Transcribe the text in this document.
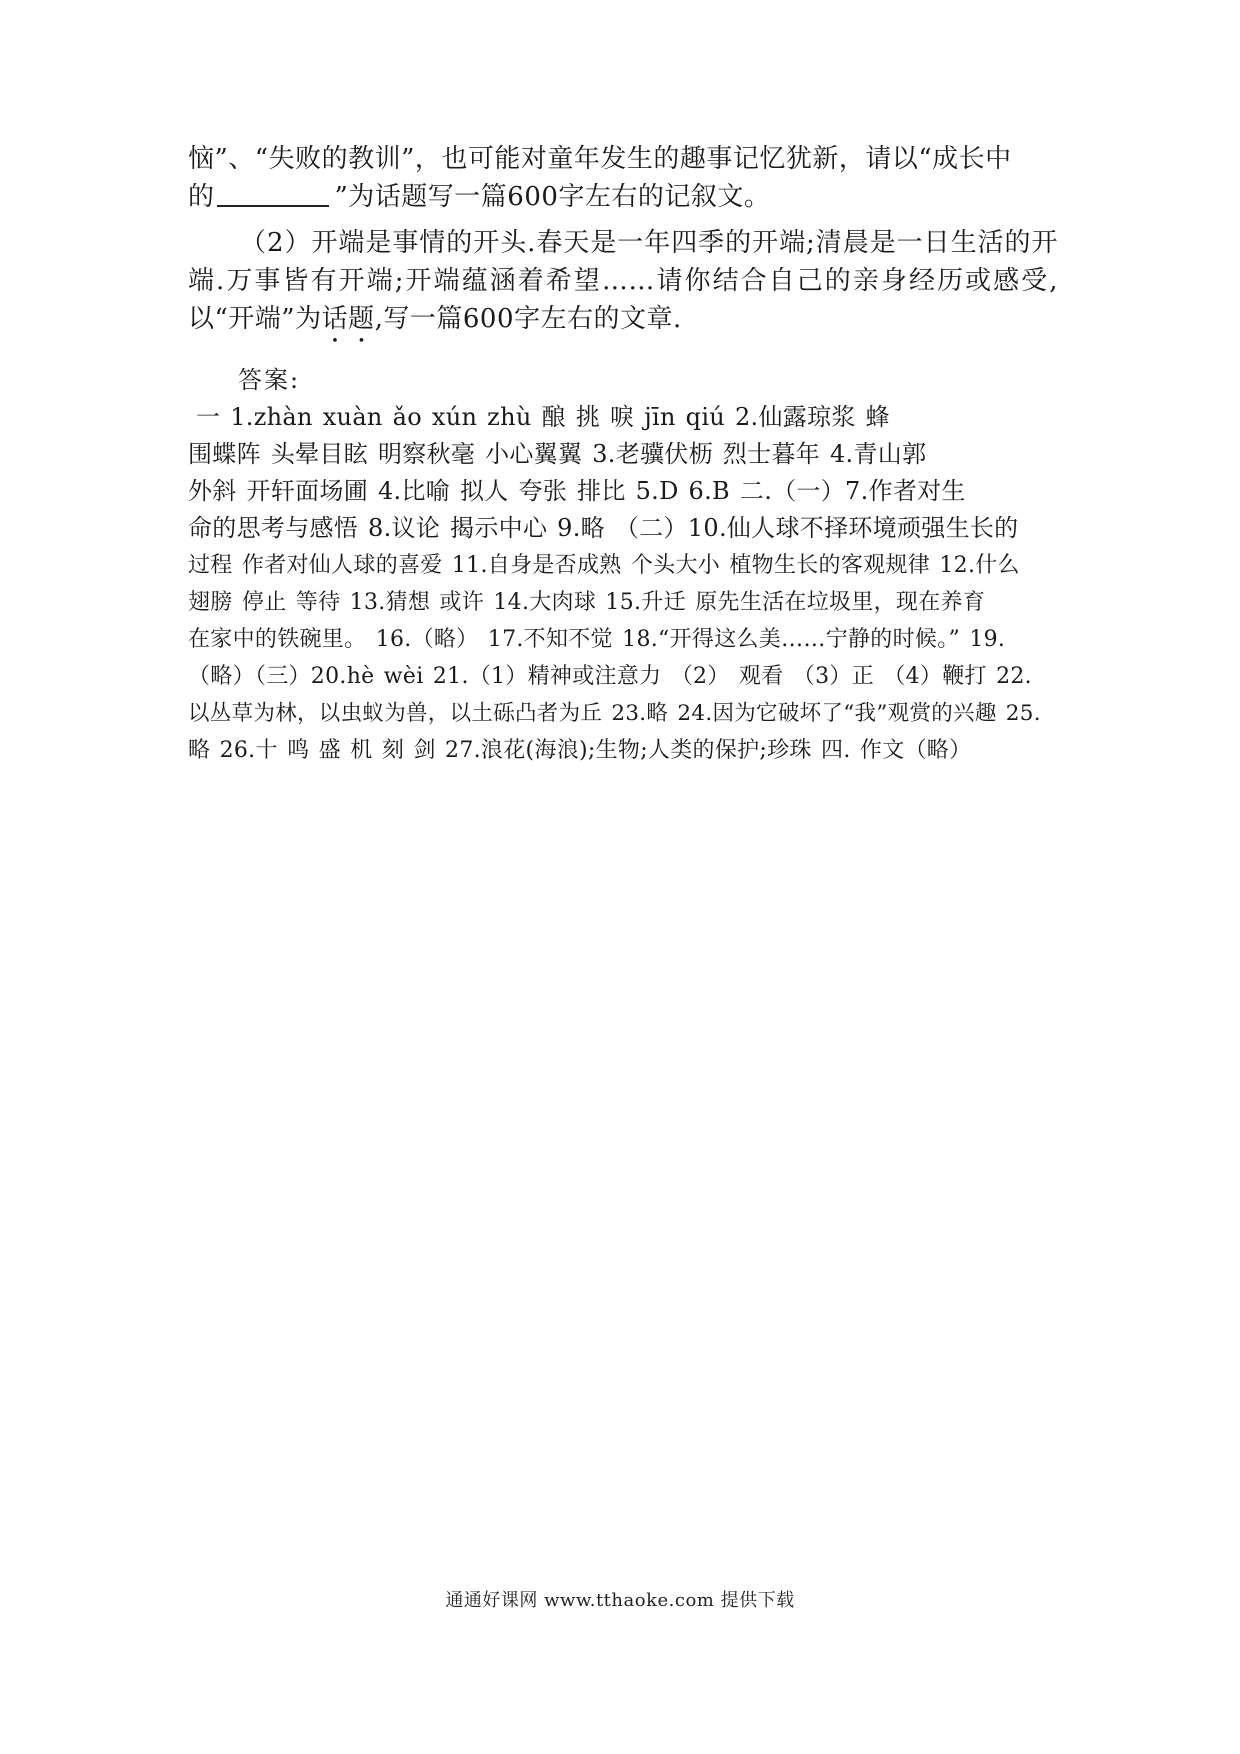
恼”、“失败的教训”，也可能对童年发生的趣事记忆犹新，请以“成长中
的	”为话题写一篇600字左右的记叙文。

（2）开端是事情的开头.春天是一年四季的开端;清晨是一日生活的开端.万事皆有开端;开端蕴涵着希望……请你结合自己的亲身经历或感受,以“开端”为话题,写一篇600字左右的文章.

答案:
一 1.zhàn xuàn ǎo xún zhù 酿 挑 唳 jīn qiú 2.仙露琼浆 蜂
围蝶阵 头晕目眩 明察秋毫 小心翼翼 3.老骥伏枥 烈士暮年 4.青山郭
外斜 开轩面场圃 4.比喻 拟人 夸张 排比 5.D 6.B 二.（一）7.作者对生
命的思考与感悟 8.议论 揭示中心 9.略 （二）10.仙人球不择环境顽强生长的
过程 作者对仙人球的喜爱 11.自身是否成熟 个头大小 植物生长的客观规律 12.什么
翅膀 停止 等待 13.猜想 或许 14.大肉球 15.升迁 原先生活在垃圾里，现在养育
在家中的铁碗里。 16.（略） 17.不知不觉 18.“开得这么美……宁静的时候。” 19.
（略）（三）20.hè wèi 21.（1）精神或注意力 （2） 观看 （3）正 （4）鞭打 22.
以丛草为林，以虫蚁为兽，以土砾凸者为丘 23.略 24.因为它破坏了“我”观赏的兴趣 25.
略 26.十 鸣 盛 机 刻 剑 27.浪花(海浪);生物;人类的保护;珍珠 四. 作文（略）
通通好课网 www.tthaoke.com 提供下载
